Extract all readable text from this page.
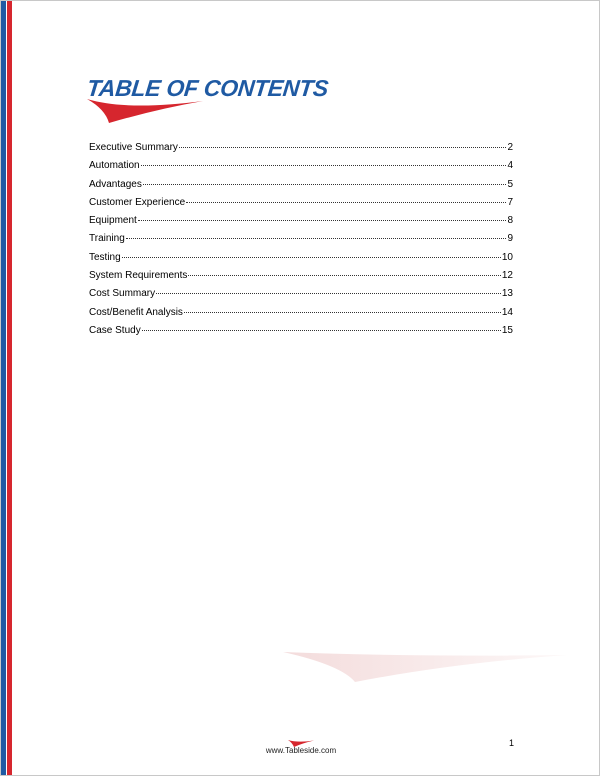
TABLE OF CONTENTS
Executive Summary	2
Automation	4
Advantages	5
Customer Experience	7
Equipment	8
Training	9
Testing	10
System Requirements	12
Cost Summary	13
Cost/Benefit Analysis	14
Case Study	15
www.Tableside.com
1
